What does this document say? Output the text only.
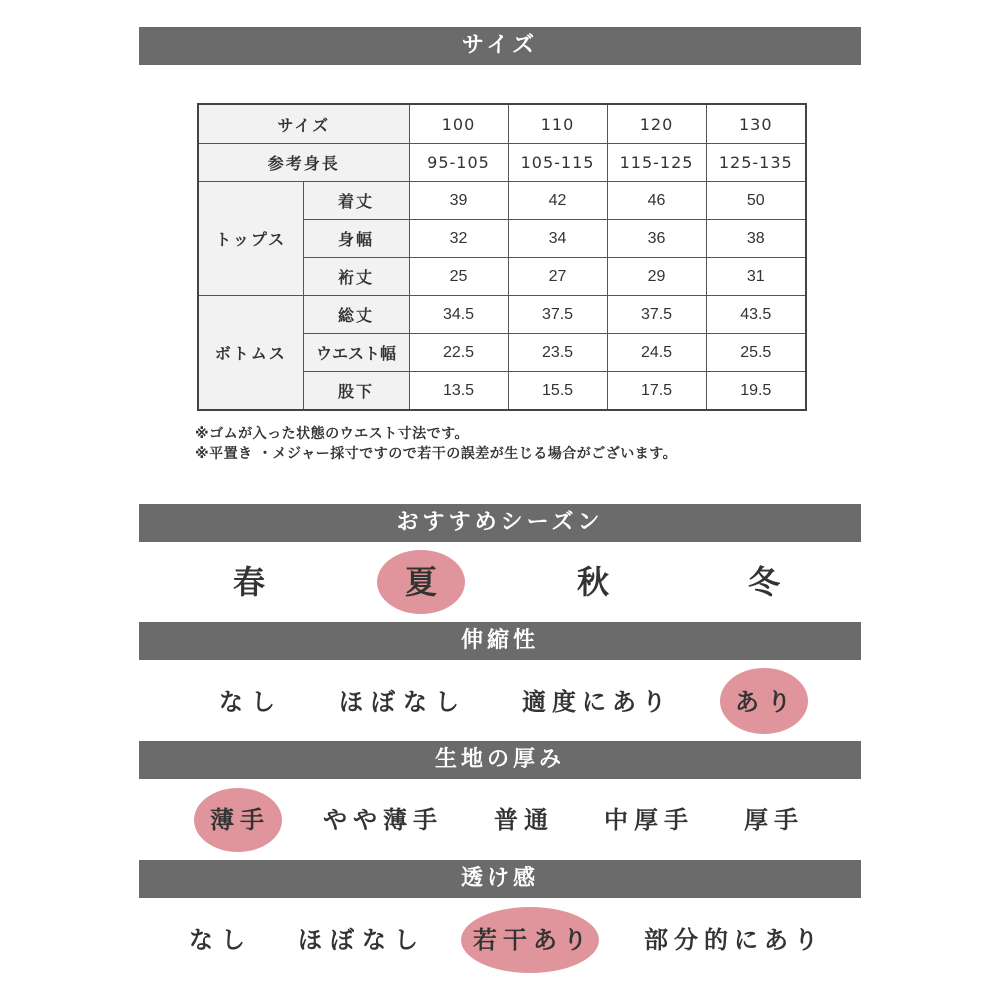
サイズ
サイズ		100	110	120	130
参考身長		95-105	105-115	115-125	125-135
トップス	着丈	39	42	46	50
	身幅	32	34	36	38
	裄丈	25	27	29	31
ボトムス	総丈	34.5	37.5	37.5	43.5
	ウエスト幅	22.5	23.5	24.5	25.5
	股下	13.5	15.5	17.5	19.5
※ゴムが入った状態のウエスト寸法です。
※平置き ・メジャー採寸ですので若干の誤差が生じる場合がございます。
おすすめシーズン
春	夏	秋	冬
伸縮性
なし ほぼなし 適度にあり	あり
生地の厚み
薄手 やや薄手 普通 中厚手 厚手
透け感
なし ほぼなし 若干あり 部分的にあり
